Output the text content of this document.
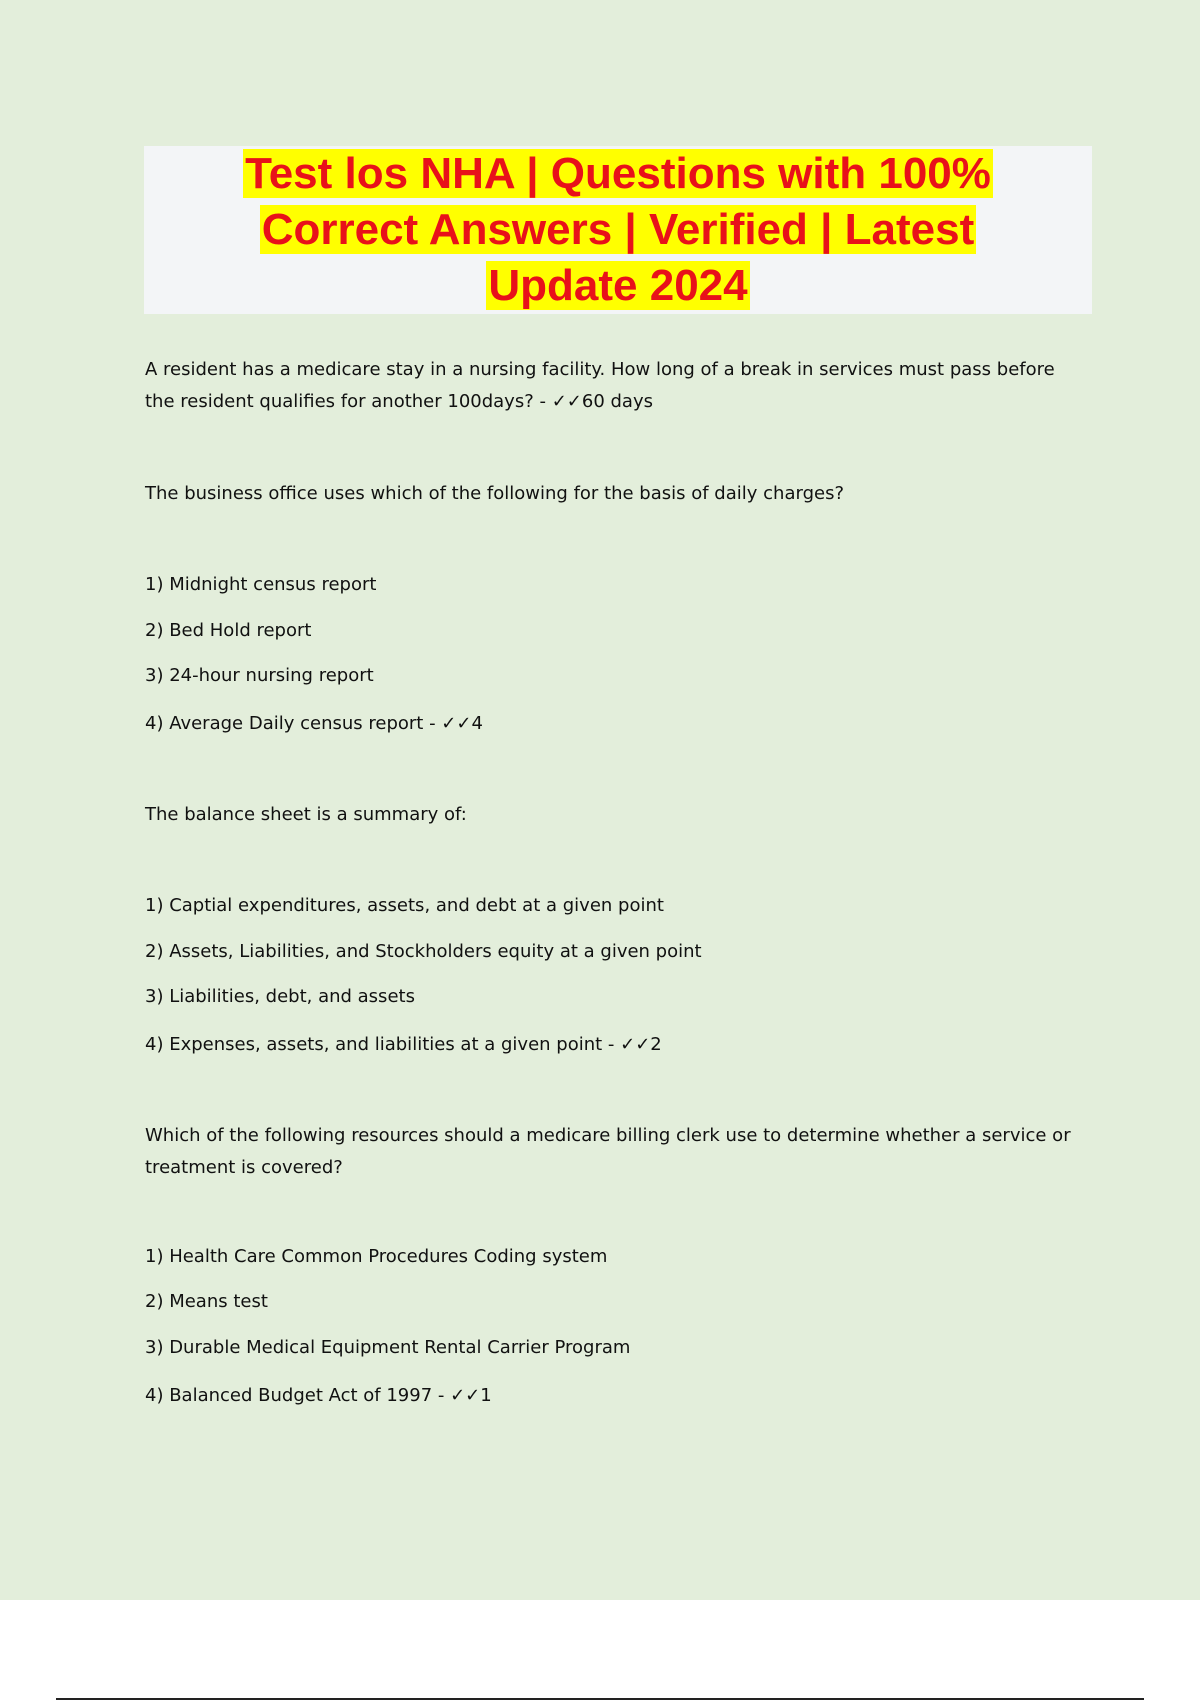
Test los NHA | Questions with 100%
Correct Answers | Verified | Latest
Update 2024
A resident has a medicare stay in a nursing facility. How long of a break in services must pass before the resident qualifies for another 100days? - ✓✓60 days
The business office uses which of the following for the basis of daily charges?
1) Midnight census report
2) Bed Hold report
3) 24-hour nursing report
4) Average Daily census report - ✓✓4
The balance sheet is a summary of:
1) Captial expenditures, assets, and debt at a given point
2) Assets, Liabilities, and Stockholders equity at a given point
3) Liabilities, debt, and assets
4) Expenses, assets, and liabilities at a given point - ✓✓2
Which of the following resources should a medicare billing clerk use to determine whether a service or treatment is covered?
1) Health Care Common Procedures Coding system
2) Means test
3) Durable Medical Equipment Rental Carrier Program
4) Balanced Budget Act of 1997 - ✓✓1
